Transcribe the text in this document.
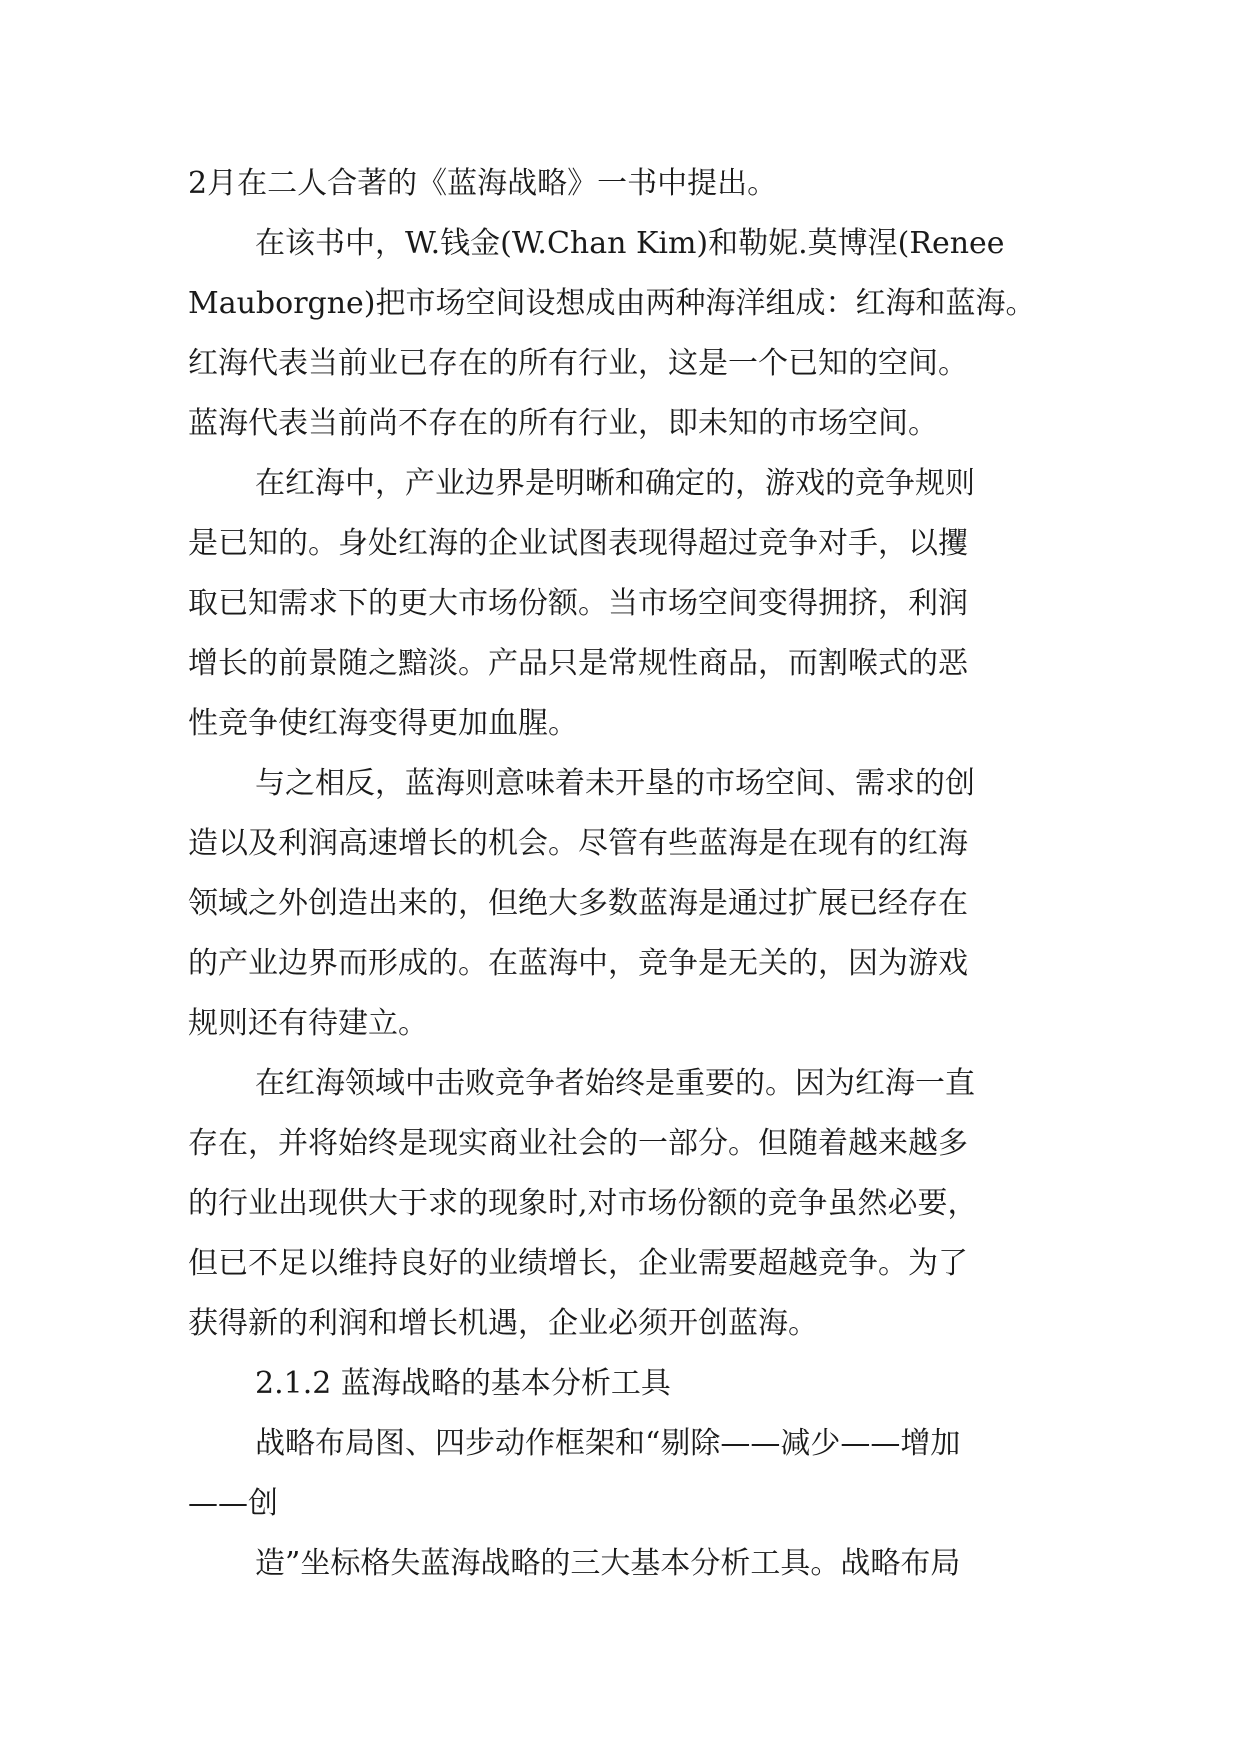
2月在二人合著的《蓝海战略》一书中提出。
在该书中，W.钱金(W.Chan Kim)和勒妮.莫博涅(Renee
Mauborgne)把市场空间设想成由两种海洋组成：红海和蓝海。
红海代表当前业已存在的所有行业，这是一个已知的空间。
蓝海代表当前尚不存在的所有行业，即未知的市场空间。
在红海中，产业边界是明晰和确定的，游戏的竞争规则
是已知的。身处红海的企业试图表现得超过竞争对手，以攫
取已知需求下的更大市场份额。当市场空间变得拥挤，利润
增长的前景随之黯淡。产品只是常规性商品，而割喉式的恶
性竞争使红海变得更加血腥。
与之相反，蓝海则意味着未开垦的市场空间、需求的创
造以及利润高速增长的机会。尽管有些蓝海是在现有的红海
领域之外创造出来的，但绝大多数蓝海是通过扩展已经存在
的产业边界而形成的。在蓝海中，竞争是无关的，因为游戏
规则还有待建立。
在红海领域中击败竞争者始终是重要的。因为红海一直
存在，并将始终是现实商业社会的一部分。但随着越来越多
的行业出现供大于求的现象时,对市场份额的竞争虽然必要，
但已不足以维持良好的业绩增长，企业需要超越竞争。为了
获得新的利润和增长机遇，企业必须开创蓝海。
2.1.2 蓝海战略的基本分析工具
战略布局图、四步动作框架和“剔除——减少——增加
——创
造”坐标格失蓝海战略的三大基本分析工具。战略布局
